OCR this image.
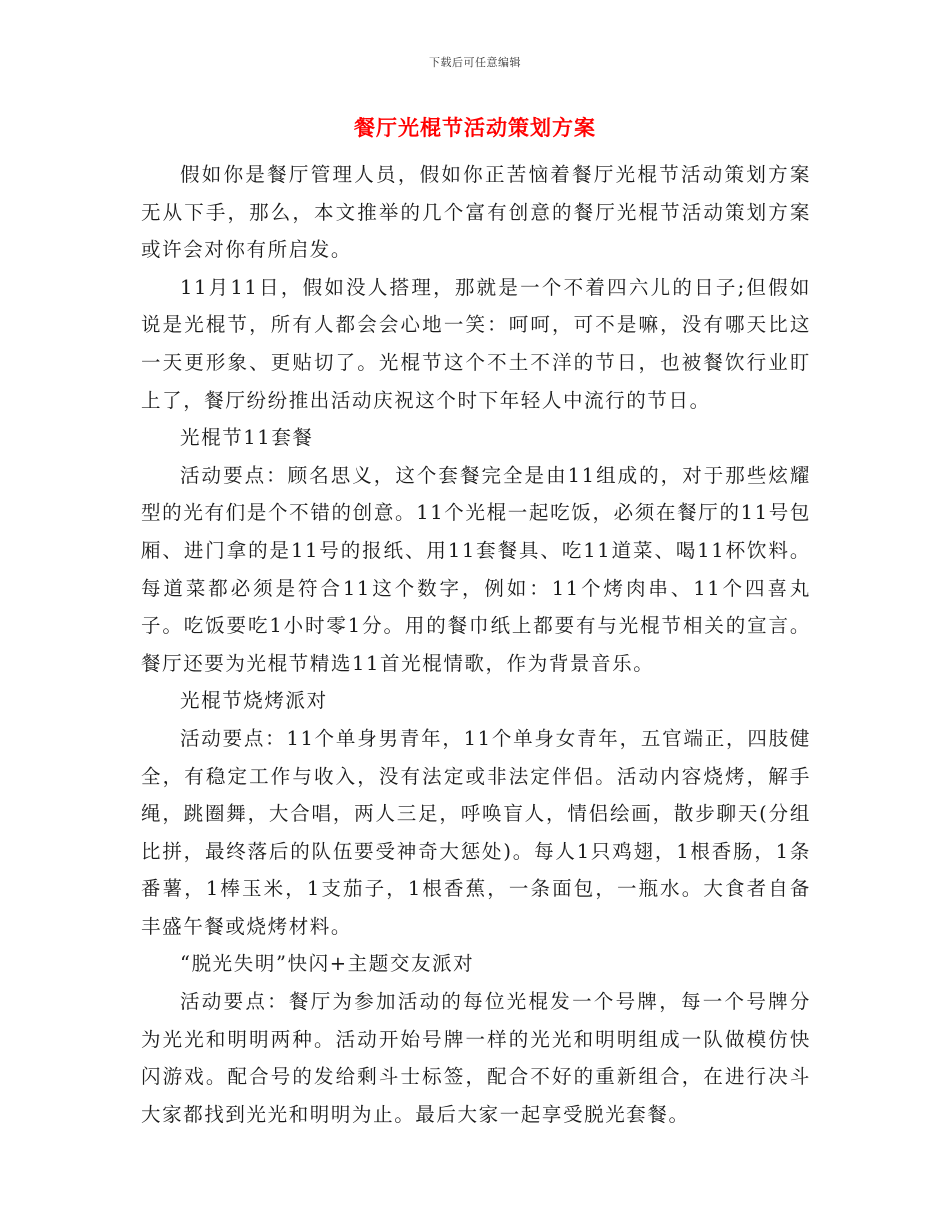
下载后可任意编辑
餐厅光棍节活动策划方案

假如你是餐厅管理人员，假如你正苦恼着餐厅光棍节活动策划方案无从下手，那么，本文推举的几个富有创意的餐厅光棍节活动策划方案或许会对你有所启发。

11月11日，假如没人搭理，那就是一个不着四六儿的日子;但假如说是光棍节，所有人都会会心地一笑：呵呵，可不是嘛，没有哪天比这一天更形象、更贴切了。光棍节这个不土不洋的节日，也被餐饮行业盯上了，餐厅纷纷推出活动庆祝这个时下年轻人中流行的节日。

光棍节11套餐

活动要点：顾名思义，这个套餐完全是由11组成的，对于那些炫耀型的光有们是个不错的创意。11个光棍一起吃饭，必须在餐厅的11号包厢、进门拿的是11号的报纸、用11套餐具、吃11道菜、喝11杯饮料。每道菜都必须是符合11这个数字，例如：11个烤肉串、11个四喜丸子。吃饭要吃1小时零1分。用的餐巾纸上都要有与光棍节相关的宣言。餐厅还要为光棍节精选11首光棍情歌，作为背景音乐。

光棍节烧烤派对

活动要点：11个单身男青年，11个单身女青年，五官端正，四肢健全，有稳定工作与收入，没有法定或非法定伴侣。活动内容烧烤，解手绳，跳圈舞，大合唱，两人三足，呼唤盲人，情侣绘画，散步聊天(分组比拼，最终落后的队伍要受神奇大惩处)。每人1只鸡翅，1根香肠，1条番薯，1棒玉米，1支茄子，1根香蕉，一条面包，一瓶水。大食者自备丰盛午餐或烧烤材料。

“脱光失明”快闪+主题交友派对

活动要点：餐厅为参加活动的每位光棍发一个号牌，每一个号牌分为光光和明明两种。活动开始号牌一样的光光和明明组成一队做模仿快闪游戏。配合号的发给剩斗士标签，配合不好的重新组合，在进行决斗大家都找到光光和明明为止。最后大家一起享受脱光套餐。
